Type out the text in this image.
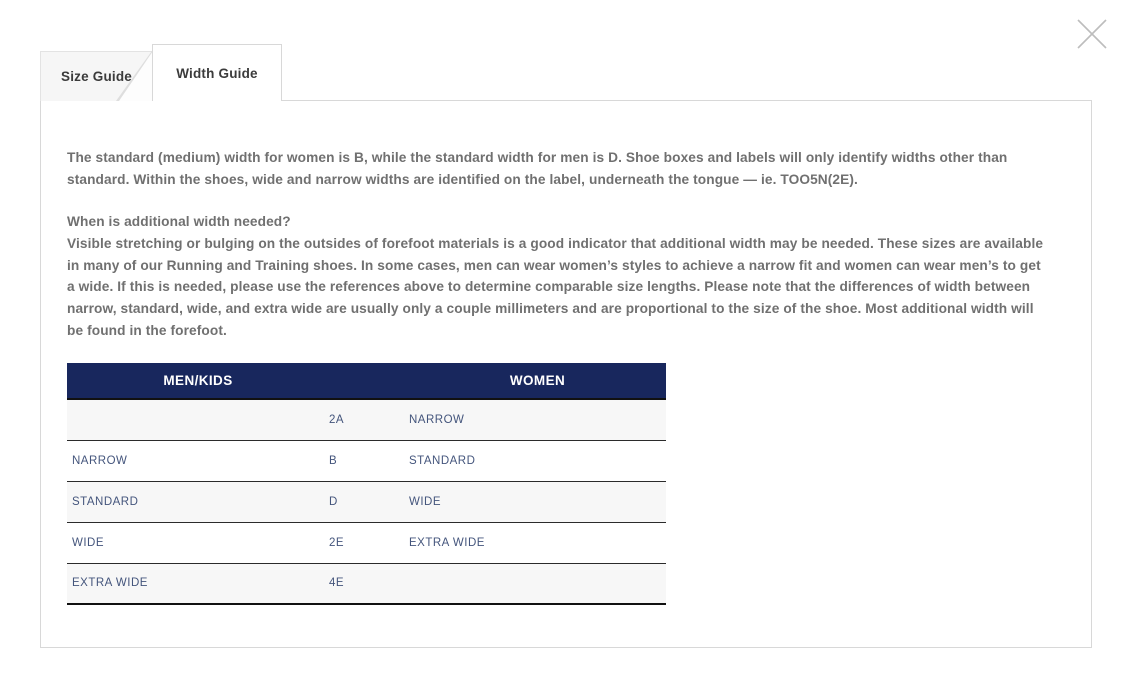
Size Guide	Width Guide
The standard (medium) width for women is B, while the standard width for men is D. Shoe boxes and labels will only identify widths other than standard. Within the shoes, wide and narrow widths are identified on the label, underneath the tongue — ie. TOO5N(2E).
When is additional width needed?
Visible stretching or bulging on the outsides of forefoot materials is a good indicator that additional width may be needed. These sizes are available in many of our Running and Training shoes. In some cases, men can wear women’s styles to achieve a narrow fit and women can wear men’s to get a wide. If this is needed, please use the references above to determine comparable size lengths. Please note that the differences of width between narrow, standard, wide, and extra wide are usually only a couple millimeters and are proportional to the size of the shoe. Most additional width will be found in the forefoot.
MEN/KIDS		WOMEN
	2A	NARROW
NARROW	B	STANDARD
STANDARD	D	WIDE
WIDE	2E	EXTRA WIDE
EXTRA WIDE	4E	
